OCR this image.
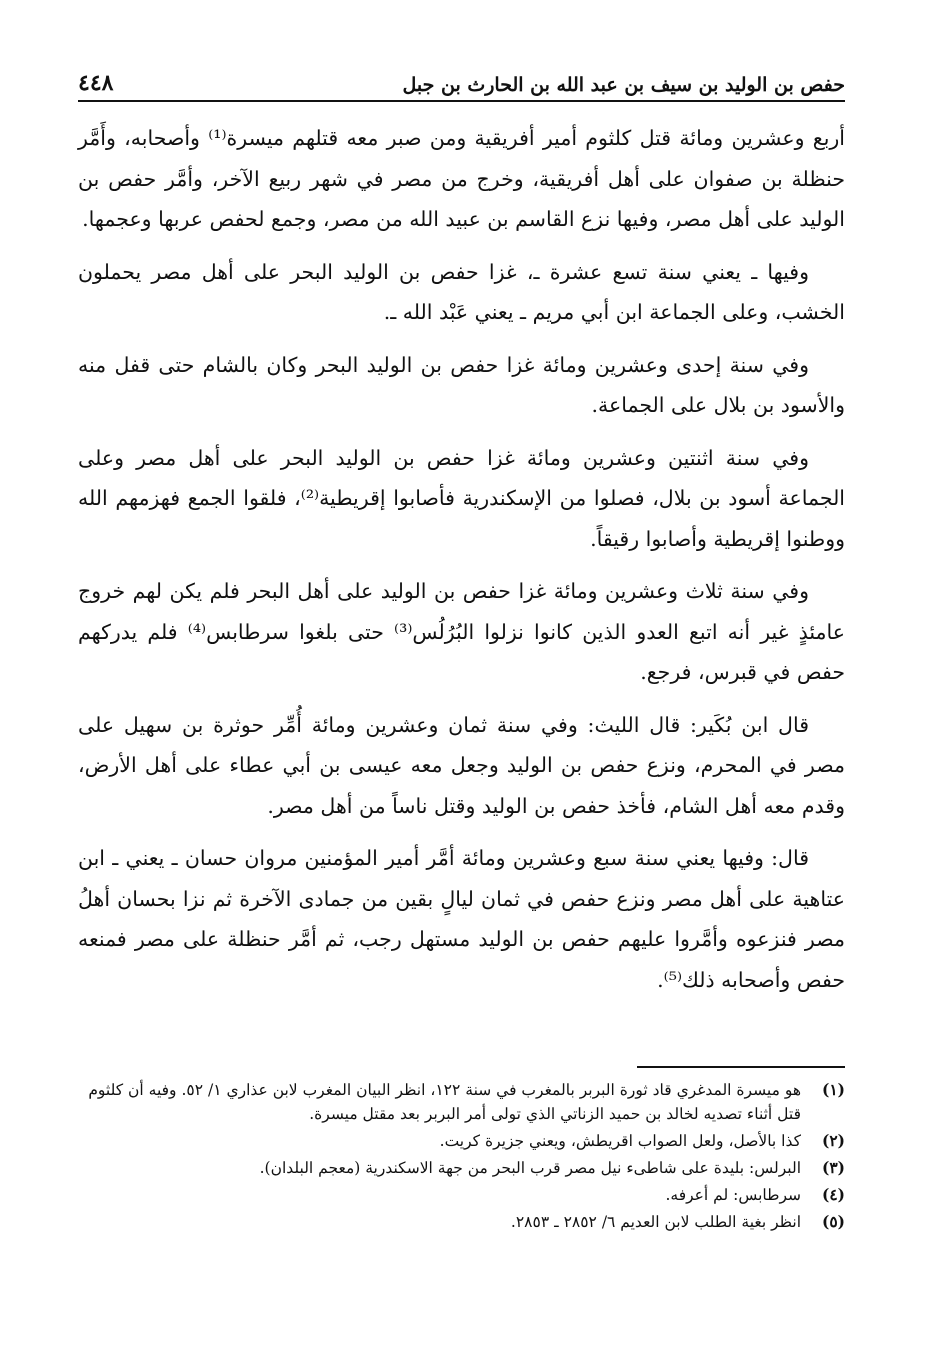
حفص بن الوليد بن سيف بن عبد الله بن الحارث بن جبل
٤٤٨

أربع وعشرين ومائة قتل كلثوم أمير أفريقية ومن صبر معه قتلهم ميسرة⁽¹⁾ وأصحابه، وأَمَّر حنظلة بن صفوان على أهل أفريقية، وخرج من مصر في شهر ربيع الآخر، وأمَّر حفص بن الوليد على أهل مصر، وفيها نزع القاسم بن عبيد الله من مصر، وجمع لحفص عربها وعجمها.

وفيها ـ يعني سنة تسع عشرة ـ، غزا حفص بن الوليد البحر على أهل مصر يحملون الخشب، وعلى الجماعة ابن أبي مريم ـ يعني عَبْد الله ـ.

وفي سنة إحدى وعشرين ومائة غزا حفص بن الوليد البحر وكان بالشام حتى قفل منه والأسود بن بلال على الجماعة.

وفي سنة اثنتين وعشرين ومائة غزا حفص بن الوليد البحر على أهل مصر وعلى الجماعة أسود بن بلال، فصلوا من الإسكندرية فأصابوا إقريطية⁽²⁾، فلقوا الجمع فهزمهم الله ووطنوا إقريطية وأصابوا رقيقاً.

وفي سنة ثلاث وعشرين ومائة غزا حفص بن الوليد على أهل البحر فلم يكن لهم خروج عامئذٍ غير أنه اتبع العدو الذين كانوا نزلوا البُرُلُس⁽³⁾ حتى بلغوا سرطابس⁽⁴⁾ فلم يدركهم حفص في قبرس، فرجع.

قال ابن بُكَير: قال الليث: وفي سنة ثمان وعشرين ومائة أُمِّر حوثرة بن سهيل على مصر في المحرم، ونزع حفص بن الوليد وجعل معه عيسى بن أبي عطاء على أهل الأرض، وقدم معه أهل الشام، فأخذ حفص بن الوليد وقتل ناساً من أهل مصر.

قال: وفيها يعني سنة سبع وعشرين ومائة أمَّر أمير المؤمنين مروان حسان ـ يعني ـ ابن عتاهية على أهل مصر ونزع حفص في ثمان ليالٍ بقين من جمادى الآخرة ثم نزا بحسان أهلُ مصر فنزعوه وأمَّروا عليهم حفص بن الوليد مستهل رجب، ثم أمَّر حنظلة على مصر فمنعه حفص وأصحابه ذلك⁽⁵⁾.

(١)
هو ميسرة المدغري قاد ثورة البربر بالمغرب في سنة ١٢٢، انظر البيان المغرب لابن عذاري ١/ ٥٢. وفيه أن كلثوم قتل أثناء تصديه لخالد بن حميد الزناتي الذي تولى أمر البربر بعد مقتل ميسرة.
(٢)
كذا بالأصل، ولعل الصواب اقريطش، ويعني جزيرة كريت.
(٣)
البرلس: بليدة على شاطىء نيل مصر قرب البحر من جهة الاسكندرية (معجم البلدان).
(٤)
سرطابس: لم أعرفه.
(٥)
انظر بغية الطلب لابن العديم ٦/ ٢٨٥٢ ـ ٢٨٥٣.
